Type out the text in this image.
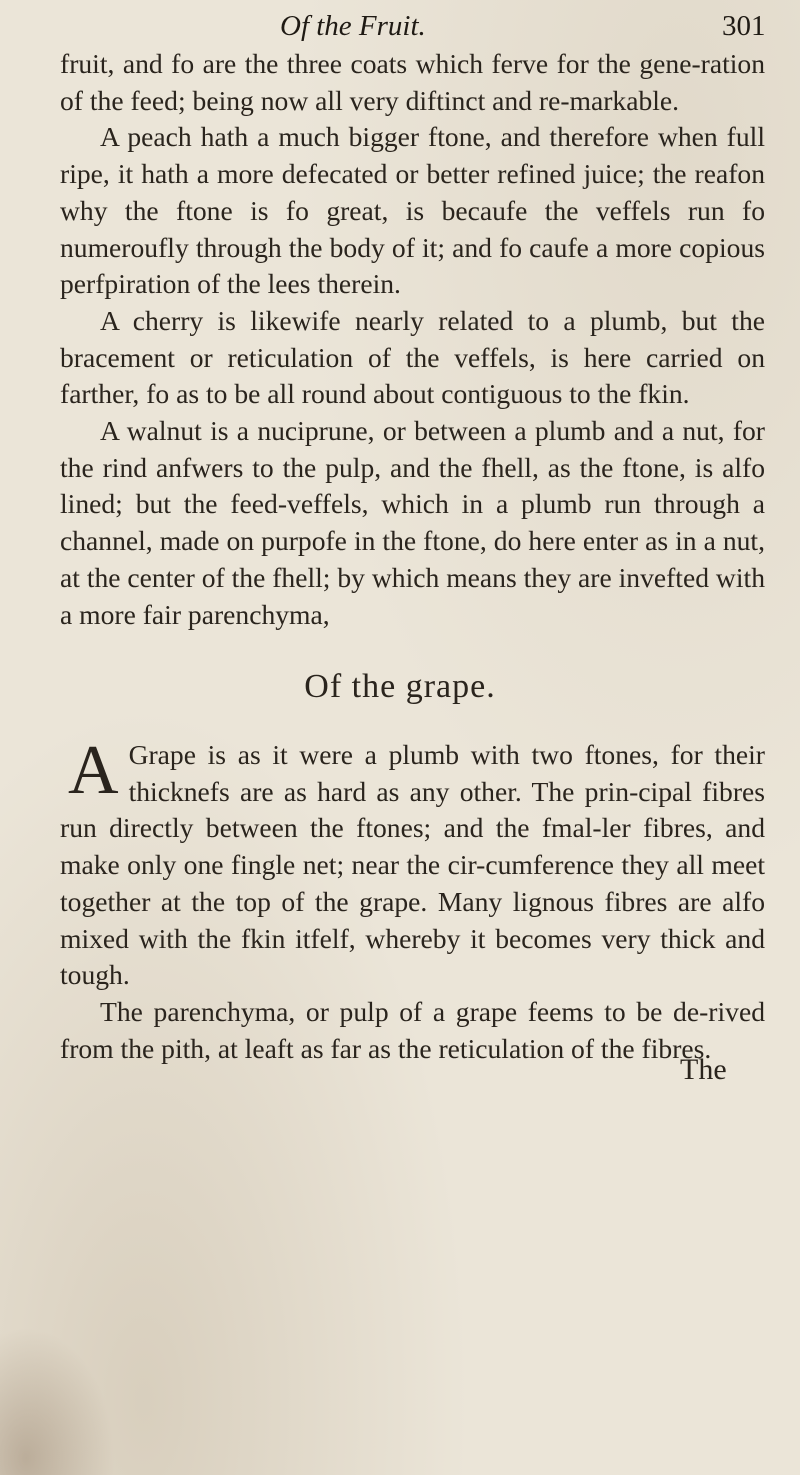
Of the Fruit.	301

fruit, and fo are the three coats which ferve for the gene-ration of the feed; being now all very diftinct and re-markable.

A peach hath a much bigger ftone, and therefore when full ripe, it hath a more defecated or better refined juice; the reafon why the ftone is fo great, is becaufe the veffels run fo numeroufly through the body of it; and fo caufe a more copious perfpiration of the lees therein.

A cherry is likewife nearly related to a plumb, but the bracement or reticulation of the veffels, is here carried on farther, fo as to be all round about contiguous to the fkin.

A walnut is a nuciprune, or between a plumb and a nut, for the rind anfwers to the pulp, and the fhell, as the ftone, is alfo lined; but the feed-veffels, which in a plumb run through a channel, made on purpofe in the ftone, do here enter as in a nut, at the center of the fhell; by which means they are invefted with a more fair parenchyma,

Of the grape.

A Grape is as it were a plumb with two ftones, for their thicknefs are as hard as any other. The prin-cipal fibres run directly between the ftones; and the fmal-ler fibres, and make only one fingle net; near the cir-cumference they all meet together at the top of the grape. Many lignous fibres are alfo mixed with the fkin itfelf, whereby it becomes very thick and tough.

The parenchyma, or pulp of a grape feems to be de-rived from the pith, at leaft as far as the reticulation of the fibres.

The
